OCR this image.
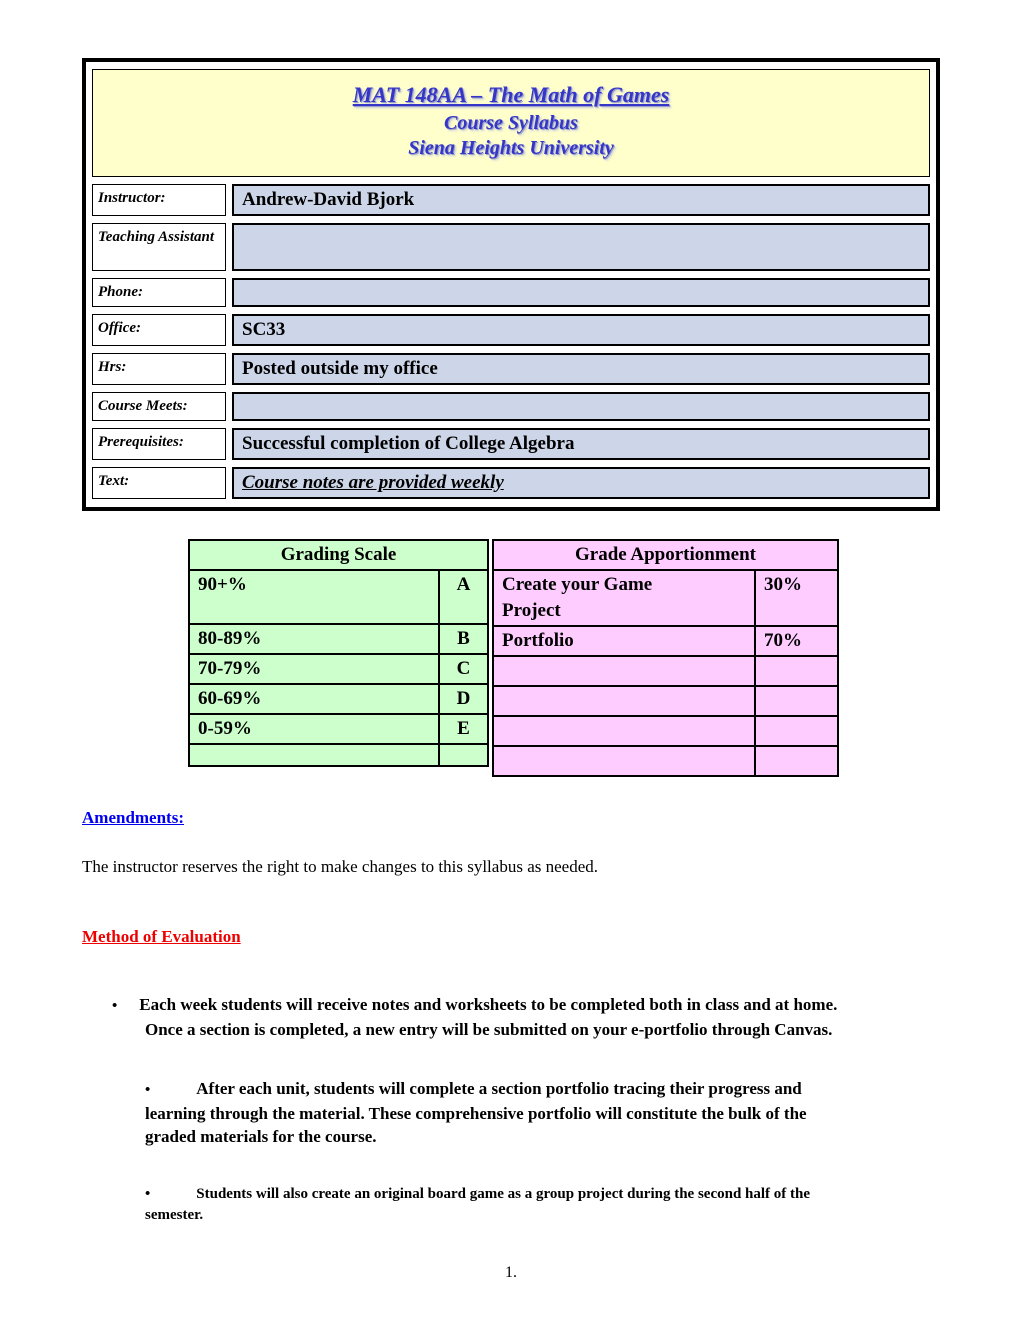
MAT 148AA – The Math of Games
Course Syllabus
Siena Heights University
Instructor:	Andrew-David Bjork
Teaching Assistant
Phone:
Office:	SC33
Hrs:	Posted outside my office
Course Meets:
Prerequisites:	Successful completion of College Algebra
Text:	Course notes are provided weekly
Grading Scale	
90+%	A
80-89%	B
70-79%	C
60-69%	D
0-59%	E

Grade Apportionment	
Create your Game Project	30%
Portfolio	70%

Amendments:
The instructor reserves the right to make changes to this syllabus as needed.
Method of Evaluation

• Each week students will receive notes and worksheets to be completed both in class and at home. Once a section is completed, a new entry will be submitted on your e-portfolio through Canvas.

•	After each unit, students will complete a section portfolio tracing their progress and learning through the material. These comprehensive portfolio will constitute the bulk of the graded materials for the course.

•	Students will also create an original board game as a group project during the second half of the semester.

1.
